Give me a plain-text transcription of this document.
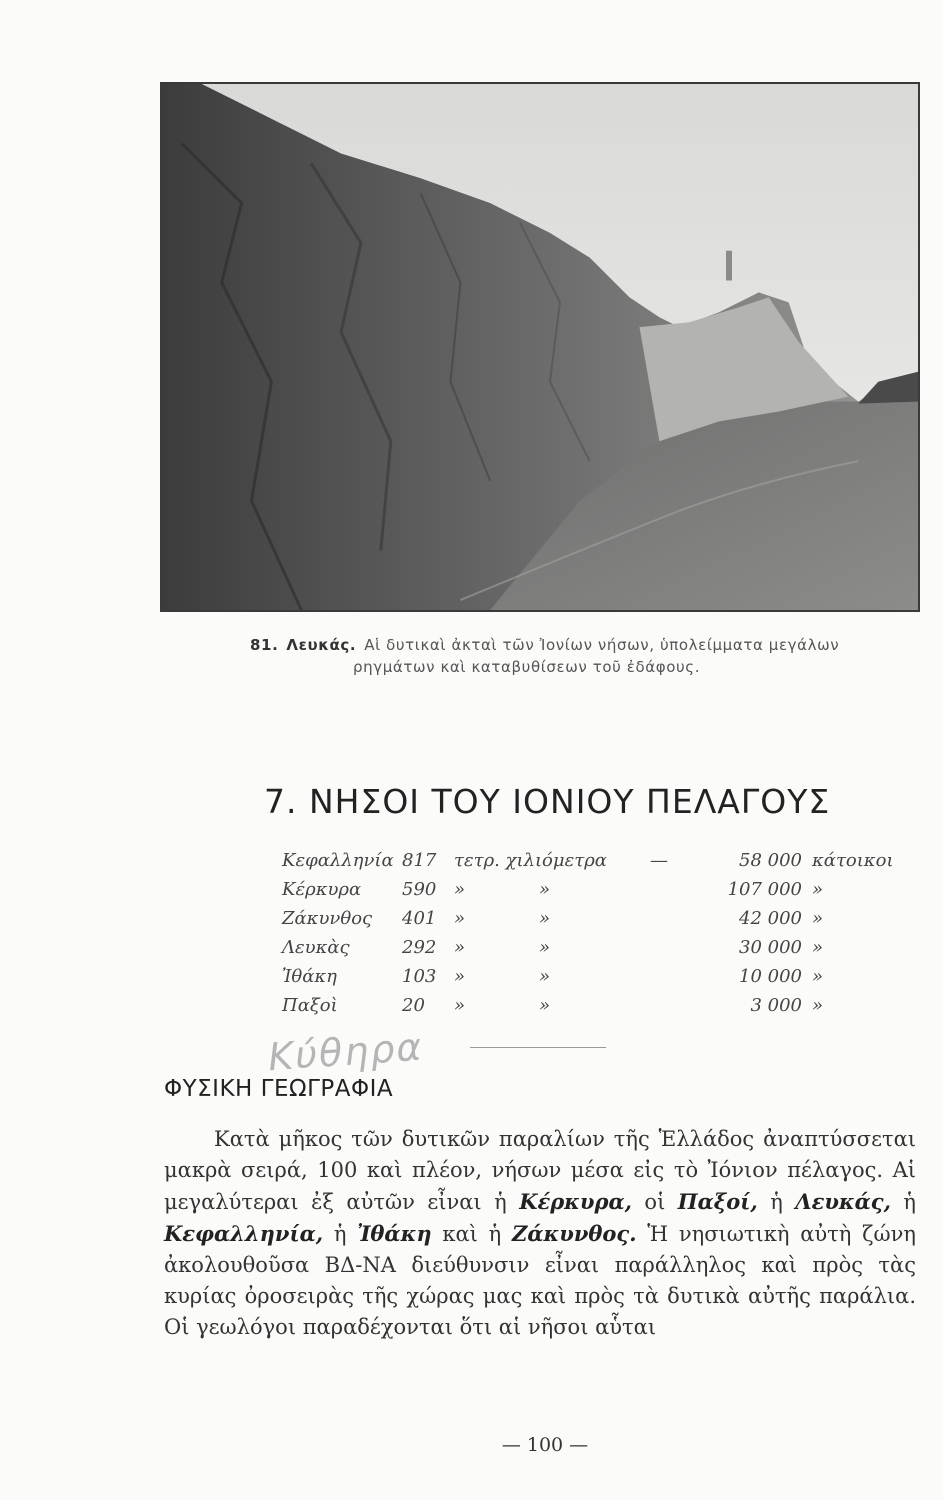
81. Λευκάς. Αἱ δυτικαὶ ἀκταὶ τῶν Ἰονίων νήσων, ὑπολείμματα μεγάλων
ρηγμάτων καὶ καταβυθίσεων τοῦ ἐδάφους.
7. ΝΗΣΟΙ ΤΟΥ ΙΟΝΙΟΥ ΠΕΛΑΓΟΥΣ
Κεφαλληνία 817 τετρ. χιλιόμετρα —	58 000 κάτοικοι
Κέρκυρα 590 »	»	107 000 »
Ζάκυνθος 401 »	»	42 000 »
Λευκὰς	292 »	»	30 000 »
Ἰθάκη	103 »	»	10 000 »
Παξοὶ	20 »	»	3 000 »
Κύθηρα
ΦΥΣΙΚΗ ΓΕΩΓΡΑΦΙΑ
Κατὰ μῆκος τῶν δυτικῶν παραλίων τῆς Ἑλλάδος ἀναπτύσσεται μακρὰ σειρά, 100 καὶ πλέον, νήσων μέσα εἰς τὸ Ἰόνιον πέλαγος. Αἱ μεγαλύτεραι ἐξ αὐτῶν εἶναι ἡ Κέρκυρα, οἱ Παξοί, ἡ Λευκάς, ἡ Κεφαλληνία, ἡ Ἰθάκη καὶ ἡ Ζάκυνθος. Ἡ νησιωτικὴ αὐτὴ ζώνη ἀκολουθοῦσα ΒΔ-ΝΑ διεύθυνσιν εἶναι παράλληλος καὶ πρὸς τὰς κυρίας ὀροσειρὰς τῆς χώρας μας καὶ πρὸς τὰ δυτικὰ αὐτῆς παράλια. Οἱ γεωλόγοι παραδέχονται ὅτι αἱ νῆσοι αὗται
— 100 —
